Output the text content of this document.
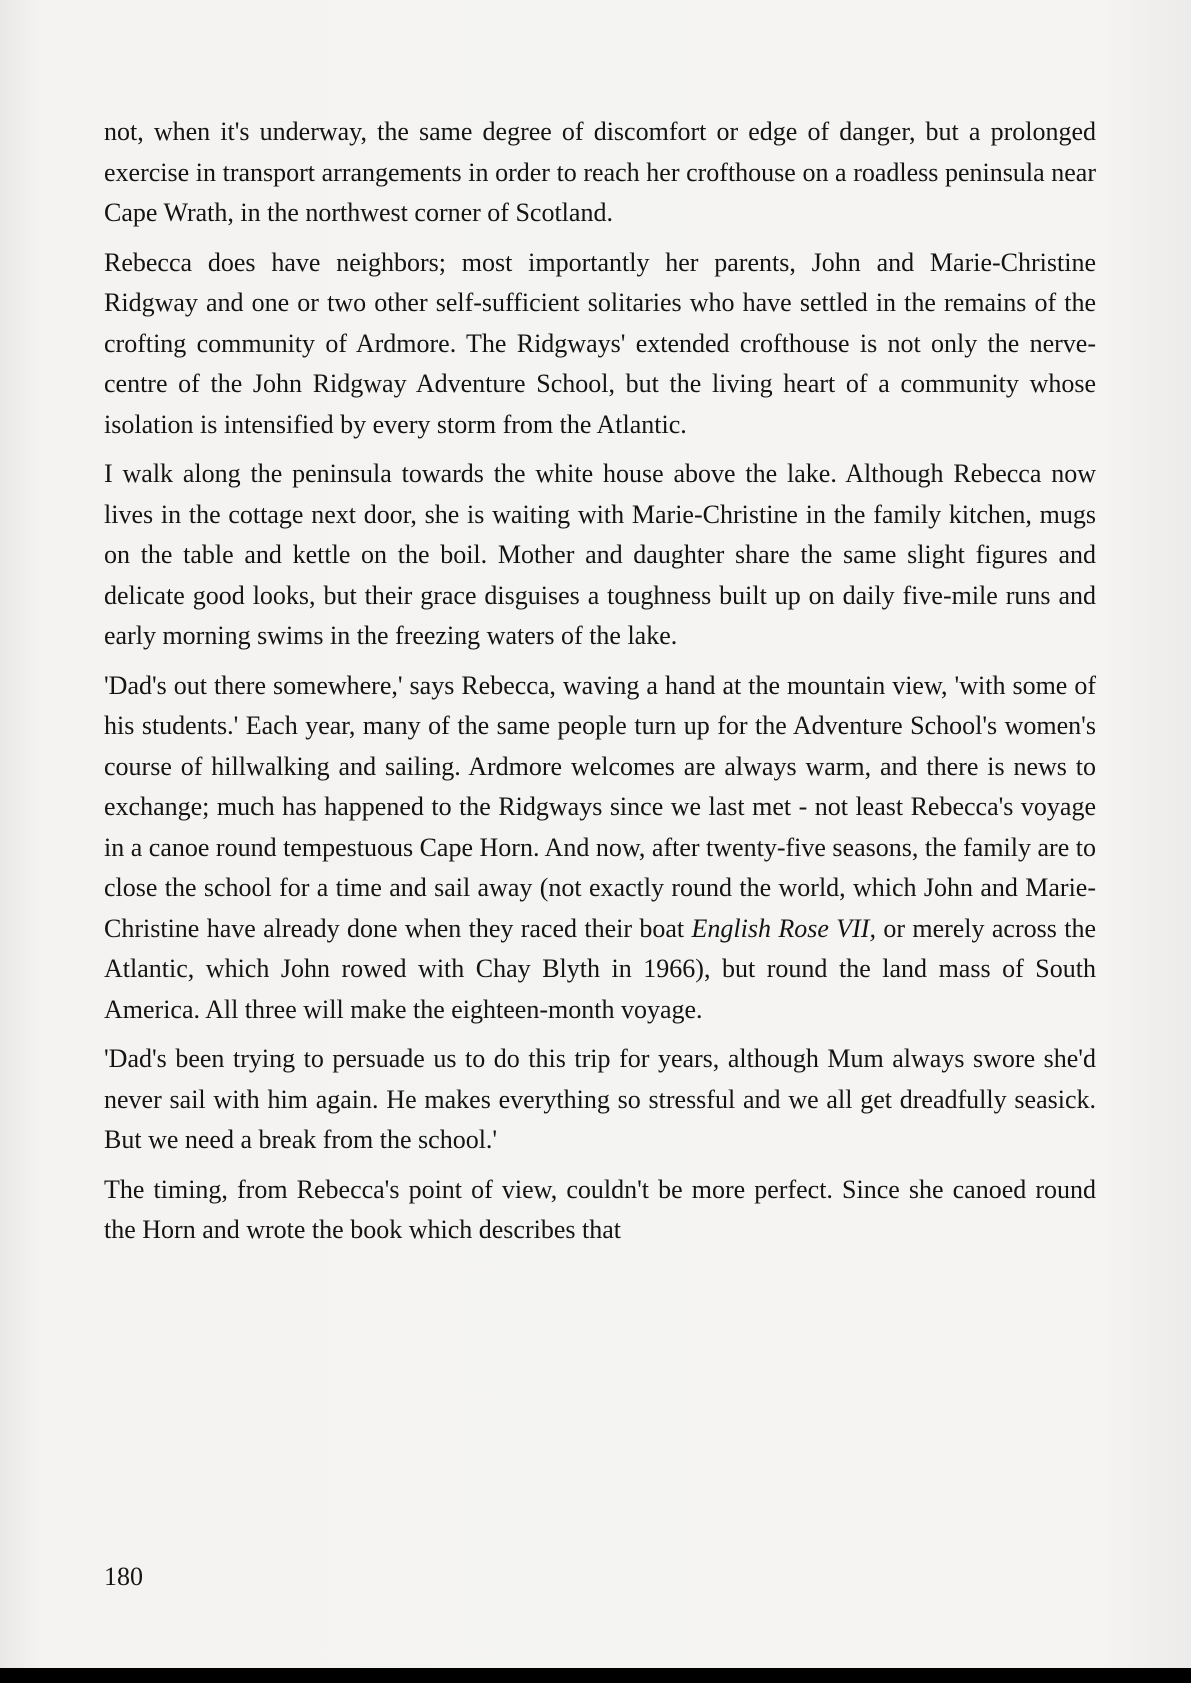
not, when it's underway, the same degree of discomfort or edge of danger, but a prolonged exercise in transport arrangements in order to reach her crofthouse on a roadless peninsula near Cape Wrath, in the northwest corner of Scotland.

Rebecca does have neighbors; most importantly her parents, John and Marie-Christine Ridgway and one or two other self-sufficient solitaries who have settled in the remains of the crofting community of Ardmore. The Ridgways' extended crofthouse is not only the nerve-centre of the John Ridgway Adventure School, but the living heart of a community whose isolation is intensified by every storm from the Atlantic.

I walk along the peninsula towards the white house above the lake. Although Rebecca now lives in the cottage next door, she is waiting with Marie-Christine in the family kitchen, mugs on the table and kettle on the boil. Mother and daughter share the same slight figures and delicate good looks, but their grace disguises a toughness built up on daily five-mile runs and early morning swims in the freezing waters of the lake.

'Dad's out there somewhere,' says Rebecca, waving a hand at the mountain view, 'with some of his students.' Each year, many of the same people turn up for the Adventure School's women's course of hillwalking and sailing. Ardmore welcomes are always warm, and there is news to exchange; much has happened to the Ridgways since we last met - not least Rebecca's voyage in a canoe round tempestuous Cape Horn. And now, after twenty-five seasons, the family are to close the school for a time and sail away (not exactly round the world, which John and Marie-Christine have already done when they raced their boat English Rose VII, or merely across the Atlantic, which John rowed with Chay Blyth in 1966), but round the land mass of South America. All three will make the eighteen-month voyage.

'Dad's been trying to persuade us to do this trip for years, although Mum always swore she'd never sail with him again. He makes everything so stressful and we all get dreadfully seasick. But we need a break from the school.'

The timing, from Rebecca's point of view, couldn't be more perfect. Since she canoed round the Horn and wrote the book which describes that

180
